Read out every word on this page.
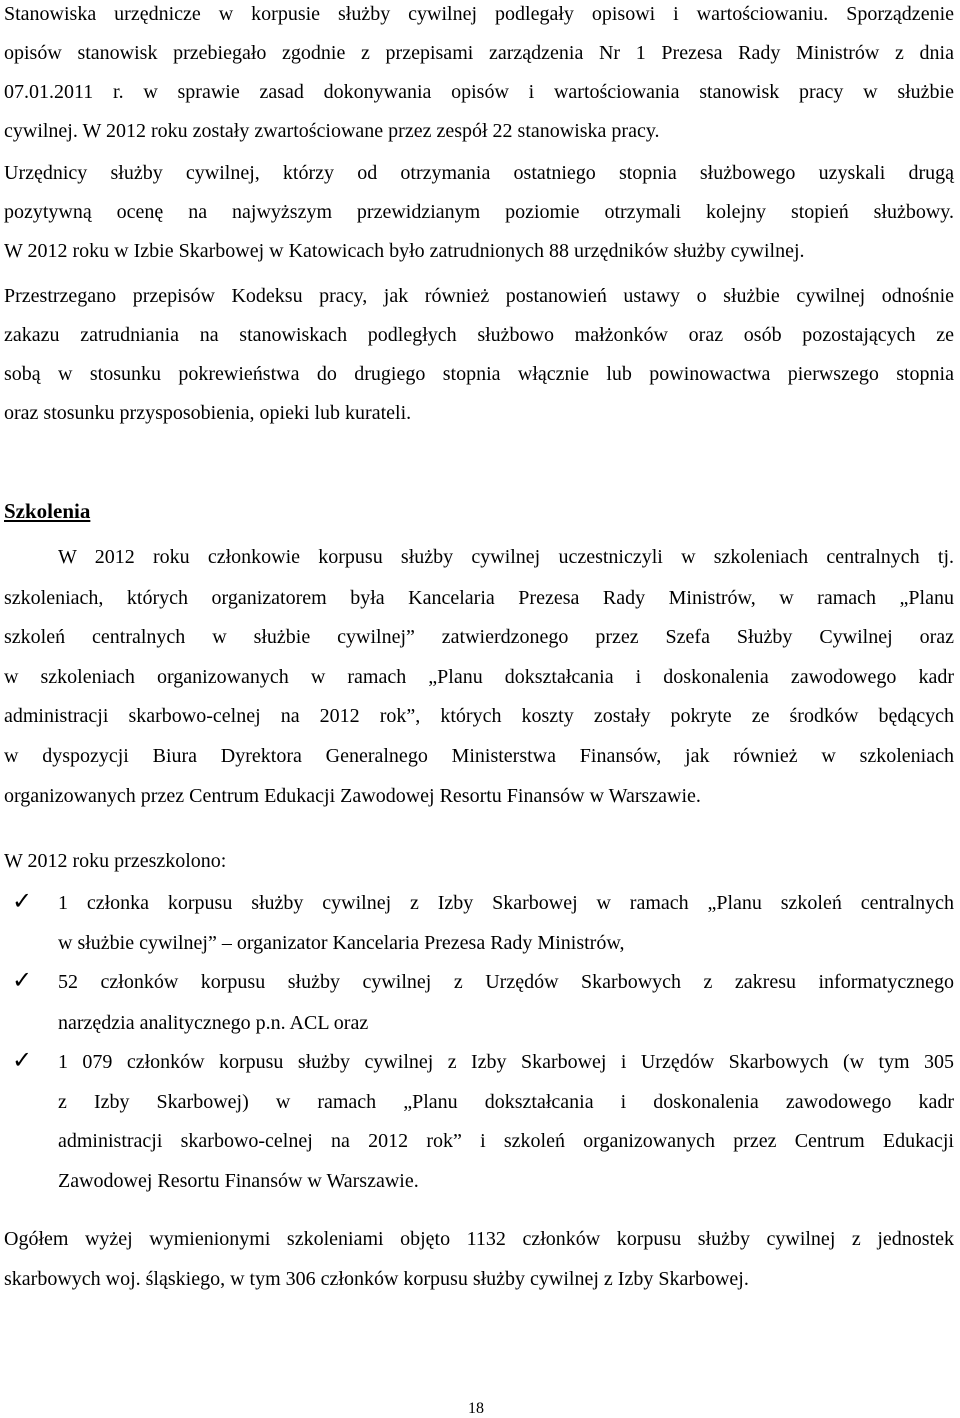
Stanowiska urzędnicze w korpusie służby cywilnej podlegały opisowi i wartościowaniu. Sporządzenie
opisów stanowisk przebiegało zgodnie z przepisami zarządzenia Nr 1 Prezesa Rady Ministrów z dnia
07.01.2011 r. w sprawie zasad dokonywania opisów i wartościowania stanowisk pracy w służbie
cywilnej. W 2012 roku zostały zwartościowane przez zespół 22 stanowiska pracy.
Urzędnicy służby cywilnej, którzy od otrzymania ostatniego stopnia służbowego uzyskali drugą
pozytywną ocenę na najwyższym przewidzianym poziomie otrzymali kolejny stopień służbowy.
W 2012 roku w Izbie Skarbowej w Katowicach było zatrudnionych 88 urzędników służby cywilnej.
Przestrzegano przepisów Kodeksu pracy, jak również postanowień ustawy o służbie cywilnej odnośnie
zakazu zatrudniania na stanowiskach podległych służbowo małżonków oraz osób pozostających ze
sobą w stosunku pokrewieństwa do drugiego stopnia włącznie lub powinowactwa pierwszego stopnia
oraz stosunku przysposobienia, opieki lub kurateli.
Szkolenia
W 2012 roku członkowie korpusu służby cywilnej uczestniczyli w szkoleniach centralnych tj.
szkoleniach, których organizatorem była Kancelaria Prezesa Rady Ministrów, w ramach „Planu
szkoleń centralnych w służbie cywilnej” zatwierdzonego przez Szefa Służby Cywilnej oraz
w szkoleniach organizowanych w ramach „Planu dokształcania i doskonalenia zawodowego kadr
administracji skarbowo-celnej na 2012 rok”, których koszty zostały pokryte ze środków będących
w dyspozycji Biura Dyrektora Generalnego Ministerstwa Finansów, jak również w szkoleniach
organizowanych przez Centrum Edukacji Zawodowej Resortu Finansów w Warszawie.
W 2012 roku przeszkolono:
✓ 1 członka korpusu służby cywilnej z Izby Skarbowej w ramach „Planu szkoleń centralnych
w służbie cywilnej” – organizator Kancelaria Prezesa Rady Ministrów,
✓ 52 członków korpusu służby cywilnej z Urzędów Skarbowych z zakresu informatycznego
narzędzia analitycznego p.n. ACL oraz
✓ 1 079 członków korpusu służby cywilnej z Izby Skarbowej i Urzędów Skarbowych (w tym 305
z Izby Skarbowej) w ramach „Planu dokształcania i doskonalenia zawodowego kadr
administracji skarbowo-celnej na 2012 rok” i szkoleń organizowanych przez Centrum Edukacji
Zawodowej Resortu Finansów w Warszawie.
Ogółem wyżej wymienionymi szkoleniami objęto 1132 członków korpusu służby cywilnej z jednostek
skarbowych woj. śląskiego, w tym 306 członków korpusu służby cywilnej z Izby Skarbowej.
18
